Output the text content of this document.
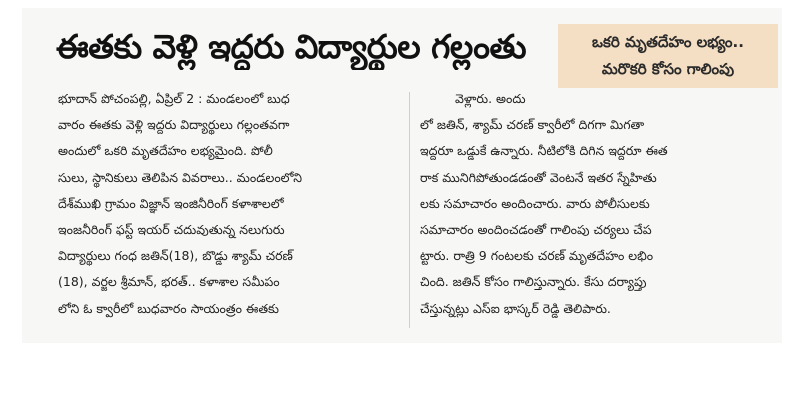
ఈతకు వెళ్లి ఇద్దరు విద్యార్థుల గల్లంతు	ఒకరి మృతదేహం లభ్యం..
మరొకరి కోసం గాలింపు
భూదాన్ పోచంపల్లి, ఏప్రిల్ 2 : మండలంలో బుధ
వారం ఈతకు వెళ్లి ఇద్దరు విద్యార్థులు గల్లంతవగా
అందులో ఒకరి మృతదేహం లభ్యమైంది. పోలీ
సులు, స్థానికులు తెలిపిన వివరాలు.. మండలంలోని
దేశ్‌ముఖి గ్రామం విజ్ఞాన్ ఇంజినీరింగ్ కళాశాలలో
ఇంజనీరింగ్ ఫస్ట్ ఇయర్ చదువుతున్న నలుగురు
విద్యార్థులు గంధ జతిన్(18), బొడ్డు శ్యామ్ చరణ్
(18), వర్జల శ్రీమాన్, భరత్.. కళాశాల సమీపం
లోని ఓ క్వారీలో బుధవారం సాయంత్రం ఈతకు
వెళ్లారు. అందు
లో జతిన్, శ్యామ్ చరణ్ క్వారీలో దిగగా మిగతా
ఇద్దరూ ఒడ్డుకే ఉన్నారు. నీటిలోకి దిగిన ఇద్దరూ ఈత
రాక మునిగిపోతుండడంతో వెంటనే ఇతర స్నేహితు
లకు సమాచారం అందించారు. వారు పోలీసులకు
సమాచారం అందించడంతో గాలింపు చర్యలు చేప
ట్టారు. రాత్రి 9 గంటలకు చరణ్ మృతదేహం లభిం
చింది. జతిన్ కోసం గాలిస్తున్నారు. కేసు దర్యాప్తు
చేస్తున్నట్లు ఎస్ఐ భాస్కర్ రెడ్డి తెలిపారు.
